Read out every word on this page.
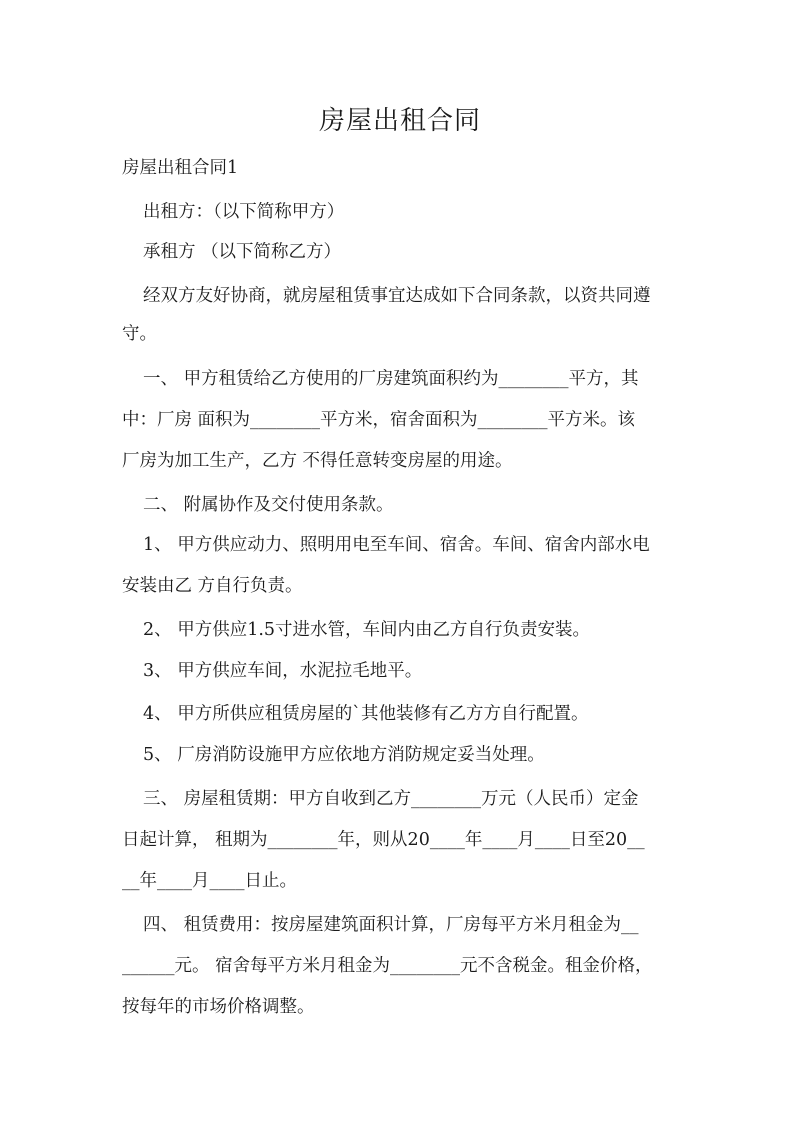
房屋出租合同
房屋出租合同1
出租方：（以下简称甲方）
承租方 （以下简称乙方）
经双方友好协商，就房屋租赁事宜达成如下合同条款，以资共同遵
守。
一、 甲方租赁给乙方使用的厂房建筑面积约为________平方，其
中：厂房 面积为________平方米，宿舍面积为________平方米。该
厂房为加工生产，乙方 不得任意转变房屋的用途。
二、 附属协作及交付使用条款。
1、 甲方供应动力、照明用电至车间、宿舍。车间、宿舍内部水电
安装由乙 方自行负责。
2、 甲方供应1.5寸进水管，车间内由乙方自行负责安装。
3、 甲方供应车间，水泥拉毛地平。
4、 甲方所供应租赁房屋的`其他装修有乙方方自行配置。
5、 厂房消防设施甲方应依地方消防规定妥当处理。
三、 房屋租赁期：甲方自收到乙方________万元（人民币）定金
日起计算， 租期为________年，则从20____年____月____日至20__
__年____月____日止。
四、 租赁费用：按房屋建筑面积计算，厂房每平方米月租金为__
______元。 宿舍每平方米月租金为________元不含税金。租金价格，
按每年的市场价格调整。
